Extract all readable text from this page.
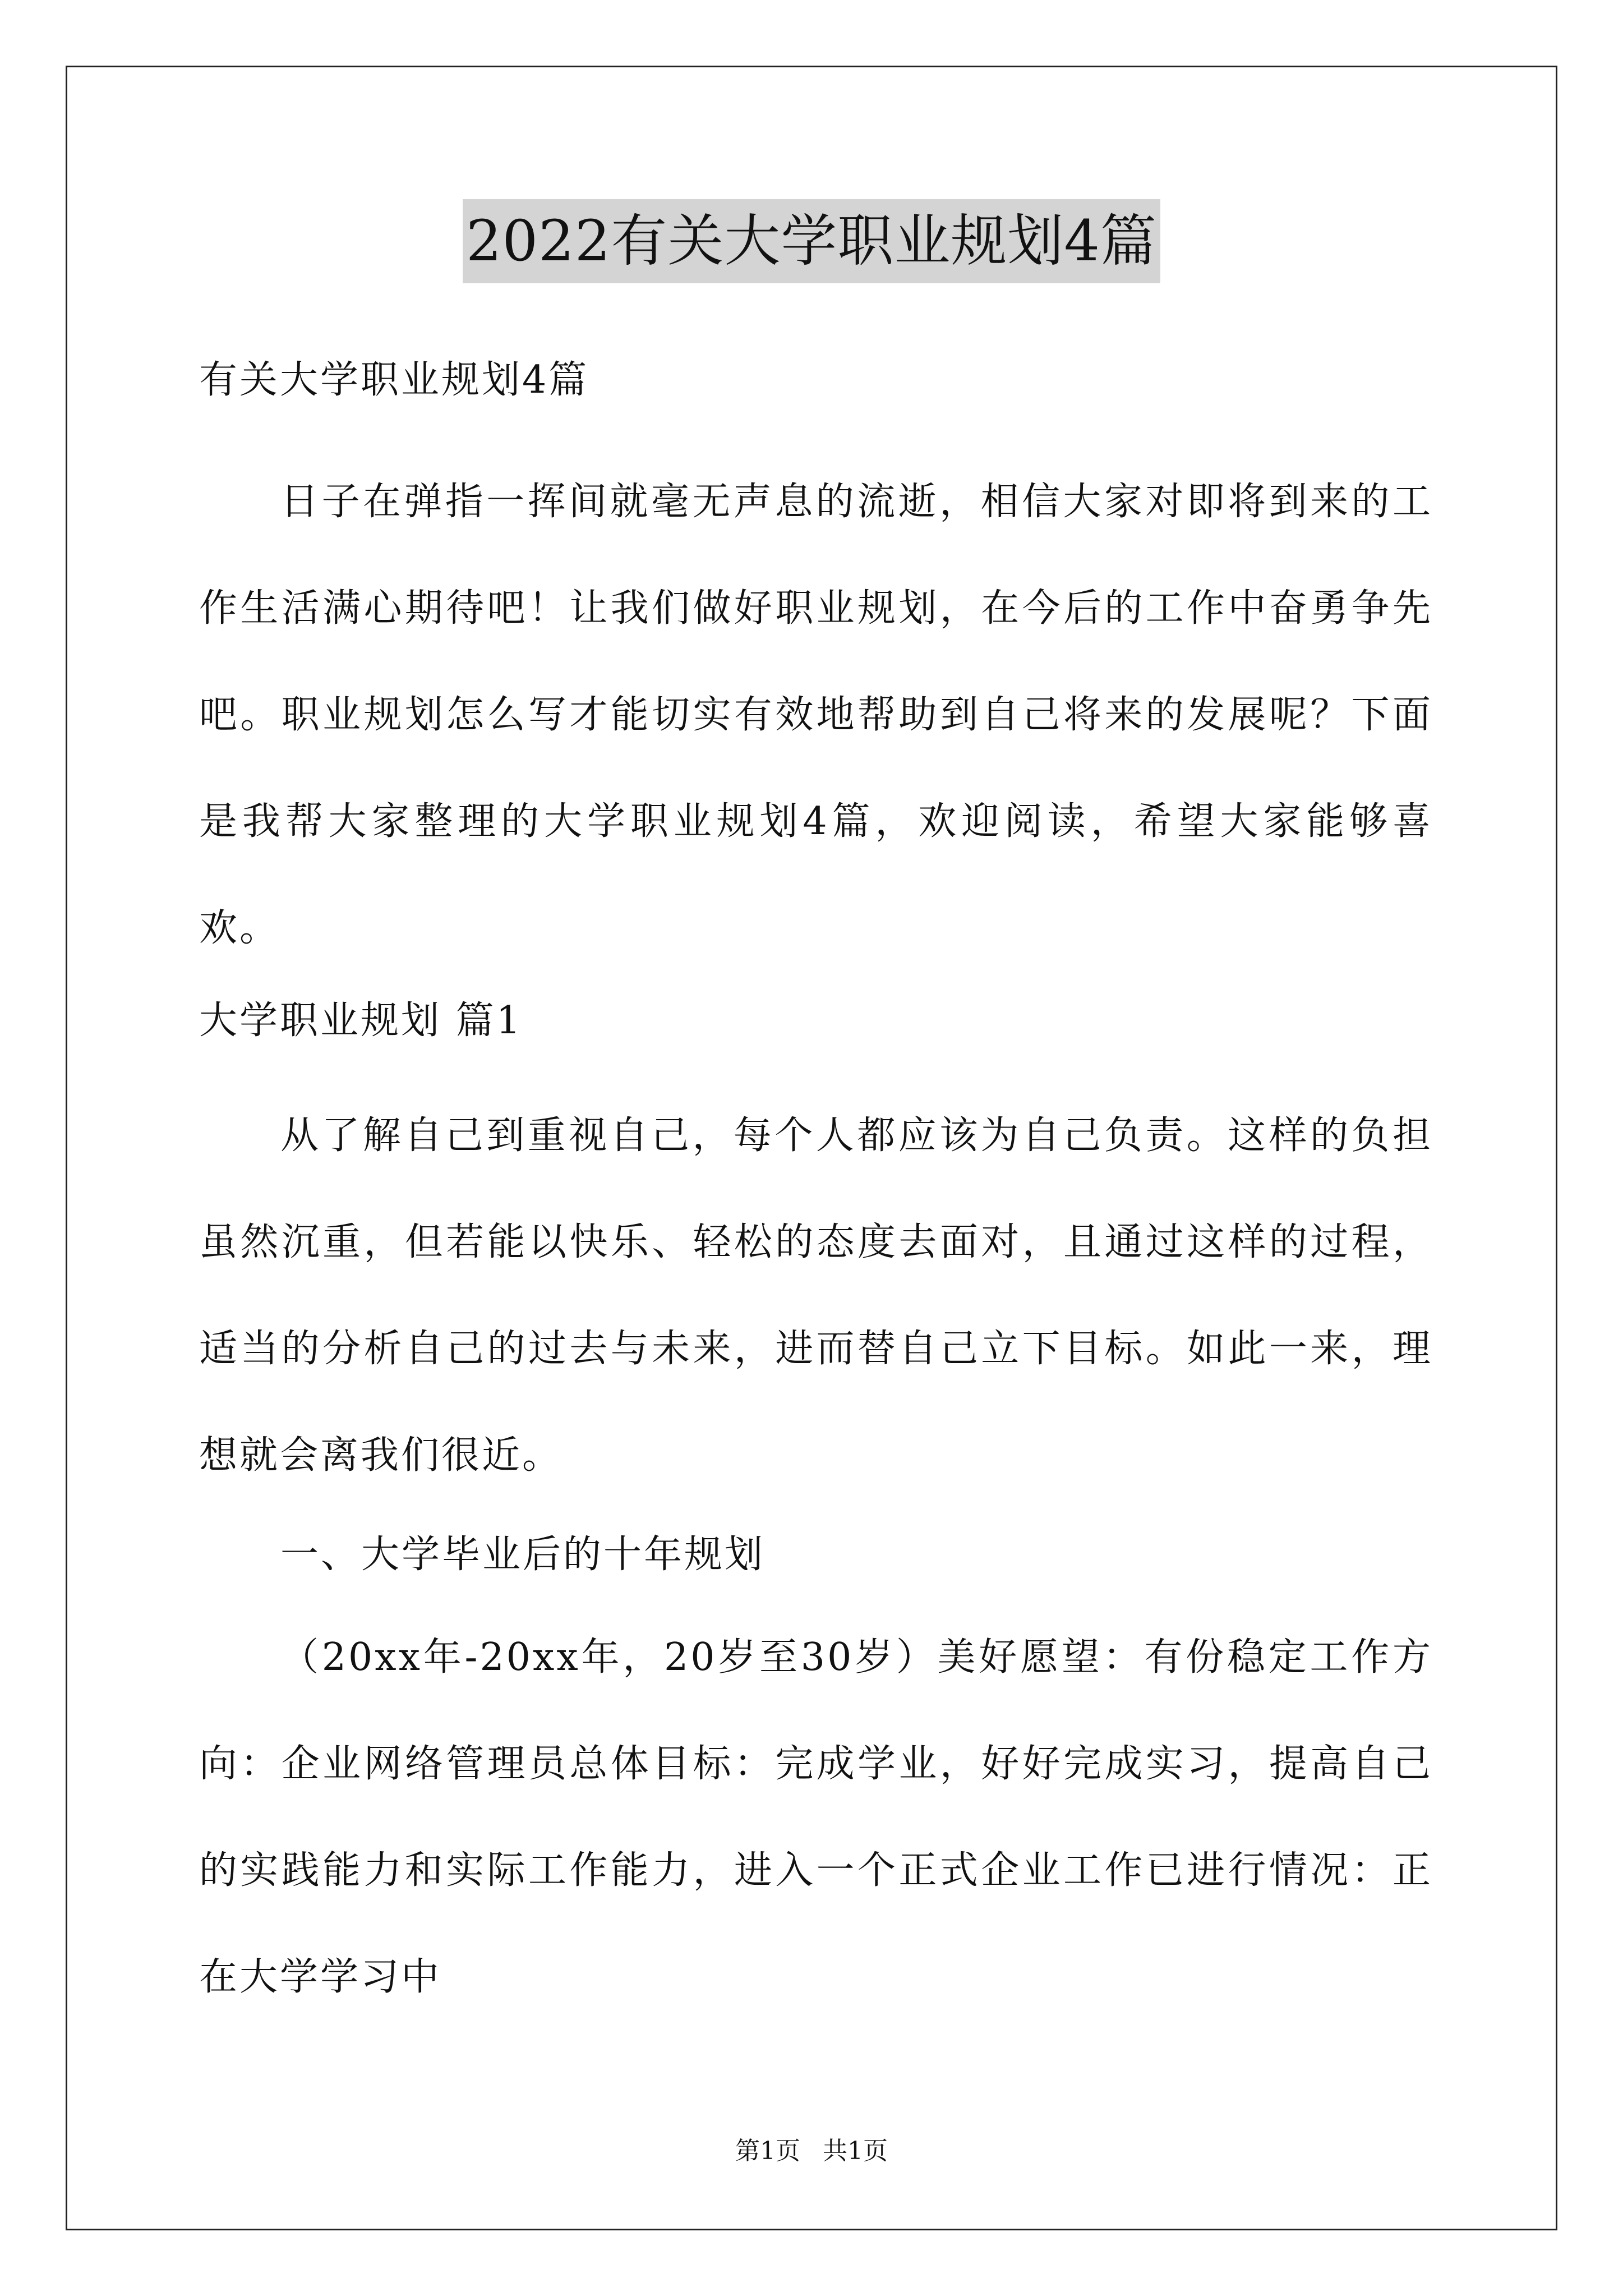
2022有关大学职业规划4篇
有关大学职业规划4篇
日子在弹指一挥间就毫无声息的流逝，相信大家对即将到来的工作生活满心期待吧！让我们做好职业规划，在今后的工作中奋勇争先吧。职业规划怎么写才能切实有效地帮助到自己将来的发展呢？下面是我帮大家整理的大学职业规划4篇，欢迎阅读，希望大家能够喜欢。
大学职业规划 篇1
从了解自己到重视自己，每个人都应该为自己负责。这样的负担虽然沉重，但若能以快乐、轻松的态度去面对，且通过这样的过程，适当的分析自己的过去与未来，进而替自己立下目标。如此一来，理想就会离我们很近。
一、大学毕业后的十年规划
（20xx年-20xx年，20岁至30岁）美好愿望：有份稳定工作方向：企业网络管理员总体目标：完成学业，好好完成实习，提高自己的实践能力和实际工作能力，进入一个正式企业工作已进行情况：正在大学学习中
第1页 共1页
